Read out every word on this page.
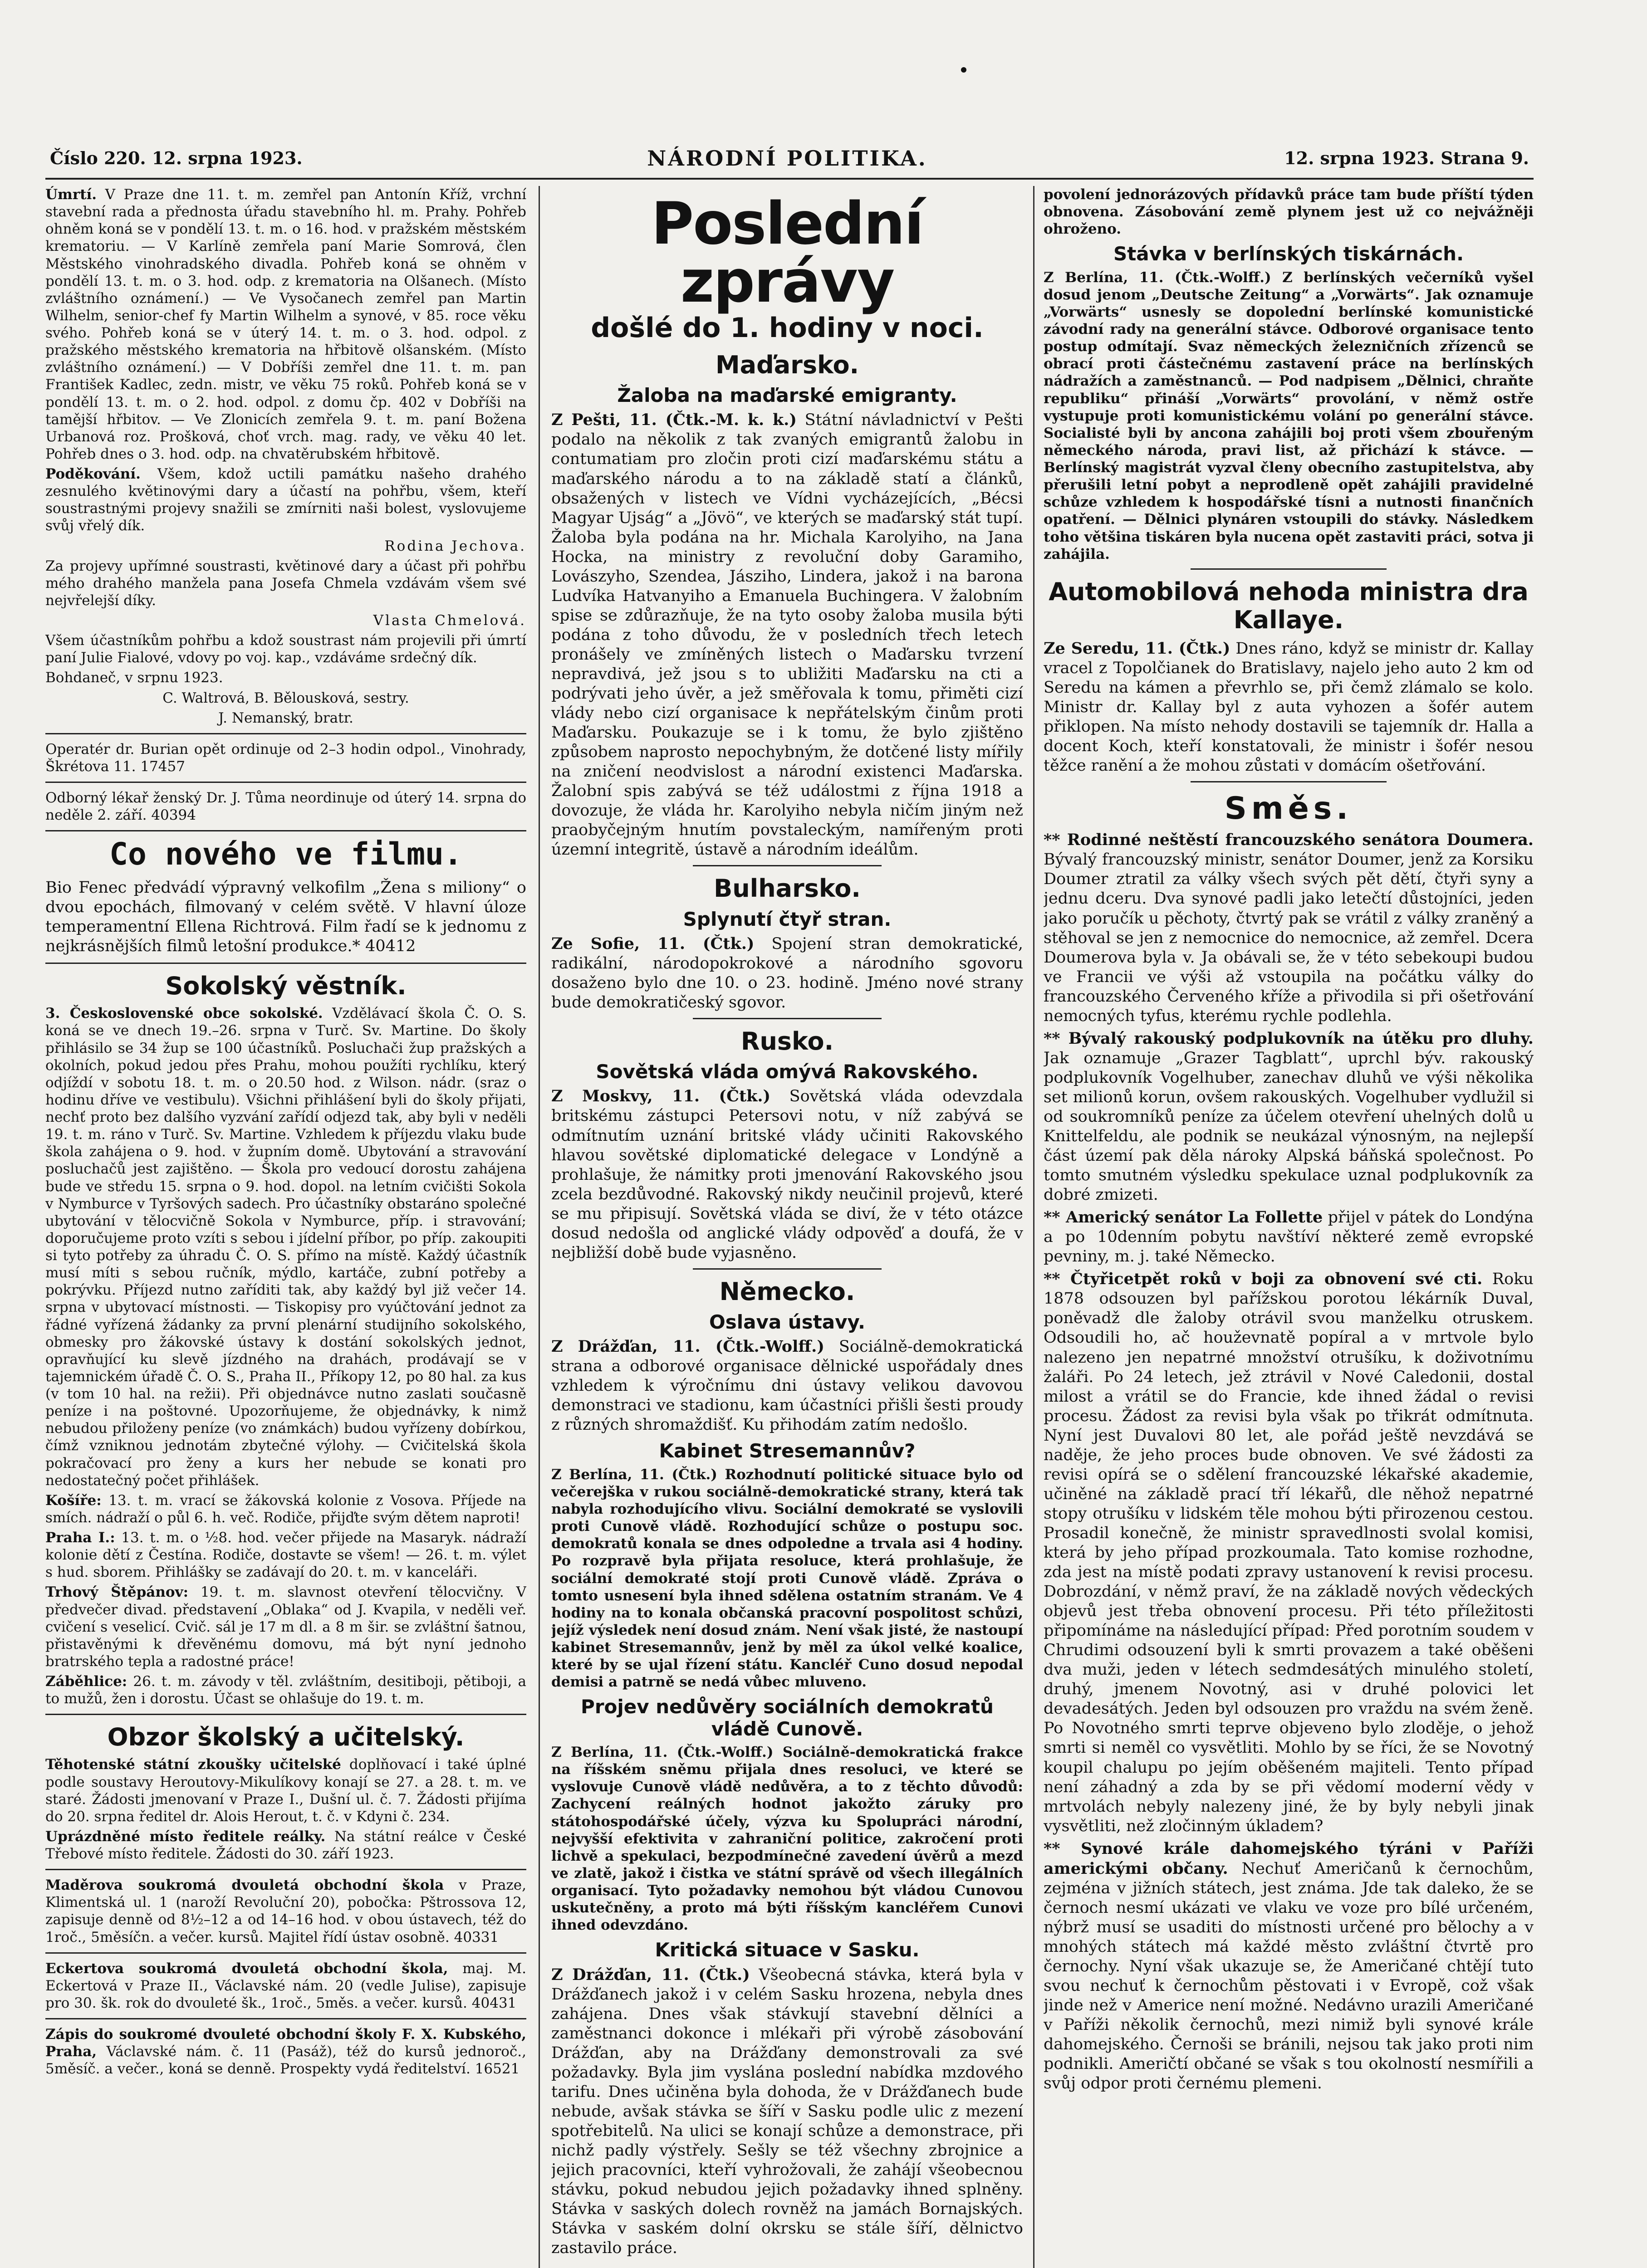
Číslo 220. 12. srpna 1923.	NÁRODNÍ POLITIKA.	12. srpna 1923. Strana 9.

Úmrtí. V Praze dne 11. t. m. zemřel pan Antonín Kříž, vrchní stavební rada a přednosta úřadu stavebního hl. m. Prahy. Pohřeb ohněm koná se v pondělí 13. t. m. o 16. hod. v pražském městském krematoriu. — V Karlíně zemřela paní Marie Somrová, člen Městského vinohradského divadla. Pohřeb koná se ohněm v pondělí 13. t. m. o 3. hod. odp. z krematoria na Olšanech. (Místo zvláštního oznámení.) — Ve Vysočanech zemřel pan Martin Wilhelm, senior-chef fy Martin Wilhelm a synové, v 85. roce věku svého. Pohřeb koná se v úterý 14. t. m. o 3. hod. odpol. z pražského městského krematoria na hřbitově olšanském. (Místo zvláštního oznámení.) — V Dobříši zemřel dne 11. t. m. pan František Kadlec, zedn. mistr, ve věku 75 roků. Pohřeb koná se v pondělí 13. t. m. o 2. hod. odpol. z domu čp. 402 v Dobříši na tamější hřbitov. — Ve Zlonicích zemřela 9. t. m. paní Božena Urbanová roz. Prošková, choť vrch. mag. rady, ve věku 40 let. Pohřeb dnes o 3. hod. odp. na chvatěrubském hřbitově.

Poděkování. Všem, kdož uctili památku našeho drahého zesnulého květinovými dary a účastí na pohřbu, všem, kteří soustrastnými projevy snažili se zmírniti naši bolest, vyslovujeme svůj vřelý dík.

Rodina Jechova.

Za projevy upřímné soustrasti, květinové dary a účast při pohřbu mého drahého manžela pana Josefa Chmela vzdávám všem své nejvřelejší díky.

Vlasta Chmelová.

Všem účastníkům pohřbu a kdož soustrast nám projevili při úmrtí paní Julie Fialové, vdovy po voj. kap., vzdáváme srdečný dík.

Bohdaneč, v srpnu 1923.

C. Waltrová, B. Bělousková, sestry.

J. Nemanský, bratr.

Operatér dr. Burian opět ordinuje od 2–3 hodin odpol., Vinohrady, Škrétova 11. 17457

Odborný lékař ženský Dr. J. Tůma neordinuje od úterý 14. srpna do neděle 2. září. 40394

Co nového ve filmu.

Bio Fenec předvádí výpravný velkofilm „Žena s miliony“ o dvou epochách, filmovaný v celém světě. V hlavní úloze temperamentní Ellena Richtrová. Film řadí se k jednomu z nejkrásnějších filmů letošní produkce.* 40412

Sokolský věstník.

3. Československé obce sokolské. Vzdělávací škola Č. O. S. koná se ve dnech 19.–26. srpna v Turč. Sv. Martine. Do školy přihlásilo se 34 žup se 100 účastníků. Posluchači žup pražských a okolních, pokud jedou přes Prahu, mohou použíti rychlíku, který odjíždí v sobotu 18. t. m. o 20.50 hod. z Wilson. nádr. (sraz o hodinu dříve ve vestibulu). Všichni přihlášení byli do školy přijati, nechť proto bez dalšího vyzvání zařídí odjezd tak, aby byli v neděli 19. t. m. ráno v Turč. Sv. Martine. Vzhledem k příjezdu vlaku bude škola zahájena o 9. hod. v župním domě. Ubytování a stravování posluchačů jest zajištěno. — Škola pro vedoucí dorostu zahájena bude ve středu 15. srpna o 9. hod. dopol. na letním cvičišti Sokola v Nymburce v Tyršových sadech. Pro účastníky obstaráno společné ubytování v tělocvičně Sokola v Nymburce, příp. i stravování; doporučujeme proto vzíti s sebou i jídelní příbor, po příp. zakoupiti si tyto potřeby za úhradu Č. O. S. přímo na místě. Každý účastník musí míti s sebou ručník, mýdlo, kartáče, zubní potřeby a pokrývku. Příjezd nutno zaříditi tak, aby každý byl již večer 14. srpna v ubytovací místnosti. — Tiskopisy pro vyúčtování jednot za řádné vyřízená žádanky za první plenární studijního sokolského, obmesky pro žákovské ústavy k dostání sokolských jednot, opravňující ku slevě jízdného na drahách, prodávají se v tajemnickém úřadě Č. O. S., Praha II., Příkopy 12, po 80 hal. za kus (v tom 10 hal. na režii). Při objednávce nutno zaslati současně peníze i na poštovné. Upozorňujeme, že objednávky, k nimž nebudou přiloženy peníze (vo známkách) budou vyřízeny dobírkou, čímž vzniknou jednotám zbytečné výlohy. — Cvičitelská škola pokračovací pro ženy a kurs her nebude se konati pro nedostatečný počet přihlášek.

Košíře: 13. t. m. vrací se žákovská kolonie z Vosova. Příjede na smích. nádraží o půl 6. h. več. Rodiče, přijďte svým dětem naproti!

Praha I.: 13. t. m. o ½8. hod. večer přijede na Masaryk. nádraží kolonie dětí z Čestína. Rodiče, dostavte se všem! — 26. t. m. výlet s hud. sborem. Přihlášky se zadávají do 20. t. m. v kanceláři.

Trhový Štěpánov: 19. t. m. slavnost otevření tělocvičny. V předvečer divad. představení „Oblaka“ od J. Kvapila, v neděli veř. cvičení s veselicí. Cvič. sál je 17 m dl. a 8 m šir. se zvláštní šatnou, přistavěnými k dřevěnému domovu, má být nyní jednoho bratrského tepla a radostné práce!

Záběhlice: 26. t. m. závody v těl. zvláštním, desitiboji, pětiboji, a to mužů, žen i dorostu. Účast se ohlašuje do 19. t. m.

Obzor školský a učitelský.

Těhotenské státní zkoušky učitelské doplňovací i také úplné podle soustavy Heroutovy-Mikulíkovy konají se 27. a 28. t. m. ve staré. Žádosti jmenovaní v Praze I., Dušní ul. č. 7. Žádosti přijíma do 20. srpna ředitel dr. Alois Herout, t. č. v Kdyni č. 234.

Uprázdněné místo ředitele reálky. Na státní reálce v České Třebové místo ředitele. Žádosti do 30. září 1923.

Maděrova soukromá dvouletá obchodní škola v Praze, Klimentská ul. 1 (naroží Revoluční 20), pobočka: Pštrossova 12, zapisuje denně od 8½–12 a od 14–16 hod. v obou ústavech, též do 1roč., 5měsíčn. a večer. kursů. Majitel řídí ústav osobně. 40331

Eckertova soukromá dvouletá obchodní škola, maj. M. Eckertová v Praze II., Václavské nám. 20 (vedle Julise), zapisuje pro 30. šk. rok do dvouleté šk., 1roč., 5měs. a večer. kursů. 40431

Zápis do soukromé dvouleté obchodní školy F. X. Kubského, Praha, Václavské nám. č. 11 (Pasáž), též do kursů jednoroč., 5měsíč. a večer., koná se denně. Prospekty vydá ředitelství. 16521

Poslední zprávy
došlé do 1. hodiny v noci.
Maďarsko.
Žaloba na maďarské emigranty.

Z Pešti, 11. (Čtk.-M. k. k.) Státní návladnictví v Pešti podalo na několik z tak zvaných emigrantů žalobu in contumatiam pro zločin proti cizí maďarskému státu a maďarského národu a to na základě statí a článků, obsažených v listech ve Vídni vycházejících, „Bécsi Magyar Ujság“ a „Jövö“, ve kterých se maďarský stát tupí. Žaloba byla podána na hr. Michala Karolyiho, na Jana Hocka, na ministry z revoluční doby Garamiho, Lovászyho, Szendea, Jásziho, Lindera, jakož i na barona Ludvíka Hatvanyiho a Emanuela Buchingera. V žalobním spise se zdůrazňuje, že na tyto osoby žaloba musila býti podána z toho důvodu, že v posledních třech letech pronášely ve zmíněných listech o Maďarsku tvrzení nepravdivá, jež jsou s to ubližiti Maďarsku na cti a podrývati jeho úvěr, a jež směřovala k tomu, přiměti cizí vlády nebo cizí organisace k nepřátelským činům proti Maďarsku. Poukazuje se i k tomu, že bylo zjištěno způsobem naprosto nepochybným, že dotčené listy mířily na zničení neodvislost a národní existenci Maďarska. Žalobní spis zabývá se též událostmi z října 1918 a dovozuje, že vláda hr. Karolyiho nebyla ničím jiným než praobyčejným hnutím povstaleckým, namířeným proti územní integritě, ústavě a národním ideálům.

Bulharsko.
Splynutí čtyř stran.

Ze Sofie, 11. (Čtk.) Spojení stran demokratické, radikální, národopokrokové a národního sgovoru dosaženo bylo dne 10. o 23. hodině. Jméno nové strany bude demokratičeský sgovor.

Rusko.
Sovětská vláda omývá Rakovského.

Z Moskvy, 11. (Čtk.) Sovětská vláda odevzdala britskému zástupci Petersovi notu, v níž zabývá se odmítnutím uznání britské vlády učiniti Rakovského hlavou sovětské diplomatické delegace v Londýně a prohlašuje, že námitky proti jmenování Rakovského jsou zcela bezdůvodné. Rakovský nikdy neučinil projevů, které se mu připisují. Sovětská vláda se diví, že v této otázce dosud nedošla od anglické vlády odpověď a doufá, že v nejbližší době bude vyjasněno.

Německo.
Oslava ústavy.

Z Drážďan, 11. (Čtk.-Wolff.) Sociálně-demokratická strana a odborové organisace dělnické uspořádaly dnes vzhledem k výročnímu dni ústavy velikou davovou demonstraci ve stadionu, kam účastníci přišli šesti proudy z různých shromaždišť. Ku přihodám zatím nedošlo.

Kabinet Stresemannův?

Z Berlína, 11. (Čtk.) Rozhodnutí politické situace bylo od večerejška v rukou sociálně-demokratické strany, která tak nabyla rozhodujícího vlivu. Sociální demokraté se vyslovili proti Cunově vládě. Rozhodující schůze o postupu soc. demokratů konala se dnes odpoledne a trvala asi 4 hodiny. Po rozpravě byla přijata resoluce, která prohlašuje, že sociální demokraté stojí proti Cunově vládě. Zpráva o tomto usnesení byla ihned sdělena ostatním stranám. Ve 4 hodiny na to konala občanská pracovní pospolitost schůzi, jejíž výsledek není dosud znám. Není však jisté, že nastoupí kabinet Stresemannův, jenž by měl za úkol velké koalice, které by se ujal řízení státu. Kancléř Cuno dosud nepodal demisi a patrně se nedá vůbec mluveno.

Projev nedůvěry sociálních demokratů vládě Cunově.

Z Berlína, 11. (Čtk.-Wolff.) Sociálně-demokratická frakce na říšském sněmu přijala dnes resoluci, ve které se vyslovuje Cunově vládě nedůvěra, a to z těchto důvodů: Zachycení reálných hodnot jakožto záruky pro státohospodářské účely, výzva ku Spolupráci národní, nejvyšší efektivita v zahraniční politice, zakročení proti lichvě a spekulaci, bezpodmínečné zavedení úvěrů a mezd ve zlatě, jakož i čistka ve státní správě od všech illegálních organisací. Tyto požadavky nemohou být vládou Cunovou uskutečněny, a proto má býti říšským kancléřem Cunovi ihned odevzdáno.

Kritická situace v Sasku.

Z Drážďan, 11. (Čtk.) Všeobecná stávka, která byla v Drážďanech jakož i v celém Sasku hrozena, nebyla dnes zahájena. Dnes však stávkují stavební dělníci a zaměstnanci dokonce i mlékaři při výrobě zásobování Drážďan, aby na Drážďany demonstrovali za své požadavky. Byla jim vyslána poslední nabídka mzdového tarifu. Dnes učiněna byla dohoda, že v Drážďanech bude nebude, avšak stávka se šíří v Sasku podle ulic z mezení spotřebitelů. Na ulici se konají schůze a demonstrace, při nichž padly výstřely. Sešly se též všechny zbrojnice a jejich pracovníci, kteří vyhrožovali, že zahájí všeobecnou stávku, pokud nebudou jejich požadavky ihned splněny. Stávka v saských dolech rovněž na jamách Bornajských. Stávka v saském dolní okrsku se stále šíří, dělnictvo zastavilo práce.

povolení jednorázových přídavků práce tam bude příští týden obnovena. Zásobování země plynem jest už co nejvážněji ohroženo.

Stávka v berlínských tiskárnách.

Z Berlína, 11. (Čtk.-Wolff.) Z berlínských večerníků vyšel dosud jenom „Deutsche Zeitung“ a „Vorwärts“. Jak oznamuje „Vorwärts“ usnesly se dopolední berlínské komunistické závodní rady na generální stávce. Odborové organisace tento postup odmítají. Svaz německých železničních zřízenců se obrací proti částečnému zastavení práce na berlínských nádražích a zaměstnanců. — Pod nadpisem „Dělnici, chraňte republiku“ přináší „Vorwärts“ provolání, v němž ostře vystupuje proti komunistickému volání po generální stávce. Socialisté byli by ancona zahájili boj proti všem zbouřeným německého národa, pravi list, až přichází k stávce. — Berlínský magistrát vyzval členy obecního zastupitelstva, aby přerušili letní pobyt a neprodleně opět zahájili pravidelné schůze vzhledem k hospodářské tísni a nutnosti finančních opatření. — Dělnici plynáren vstoupili do stávky. Následkem toho většina tiskáren byla nucena opět zastaviti práci, sotva ji zahájila.

Automobilová nehoda ministra dra Kallaye.

Ze Seredu, 11. (Čtk.) Dnes ráno, když se ministr dr. Kallay vracel z Topolčianek do Bratislavy, najelo jeho auto 2 km od Seredu na kámen a převrhlo se, při čemž zlámalo se kolo. Ministr dr. Kallay byl z auta vyhozen a šofér autem přiklopen. Na místo nehody dostavili se tajemník dr. Halla a docent Koch, kteří konstatovali, že ministr i šofér nesou těžce ranění a že mohou zůstati v domácím ošetřování.

Směs.

** Rodinné neštěstí francouzského senátora Doumera. Bývalý francouzský ministr, senátor Doumer, jenž za Korsiku Doumer ztratil za války všech svých pět dětí, čtyři syny a jednu dceru. Dva synové padli jako letečtí důstojníci, jeden jako poručík u pěchoty, čtvrtý pak se vrátil z války zraněný a stěhoval se jen z nemocnice do nemocnice, až zemřel. Dcera Doumerova byla v. Ja obávali se, že v této sebekoupi budou ve Francii ve výši až vstoupila na počátku války do francouzského Červeného kříže a přivodila si při ošetřování nemocných tyfus, kterému rychle podlehla.

** Bývalý rakouský podplukovník na útěku pro dluhy. Jak oznamuje „Grazer Tagblatt“, uprchl býv. rakouský podplukovník Vogelhuber, zanechav dluhů ve výši několika set milionů korun, ovšem rakouských. Vogelhuber vydlužil si od soukromníků peníze za účelem otevření uhelných dolů u Knittelfeldu, ale podnik se neukázal výnosným, na nejlepší část území pak děla nároky Alpská báňská společnost. Po tomto smutném výsledku spekulace uznal podplukovník za dobré zmizeti.

** Americký senátor La Follette přijel v pátek do Londýna a po 10denním pobytu navštíví některé země evropské pevniny, m. j. také Německo.

** Čtyřicetpět roků v boji za obnovení své cti. Roku 1878 odsouzen byl pařížskou porotou lékárník Duval, poněvadž dle žaloby otrávil svou manželku otruskem. Odsoudili ho, ač houževnatě popíral a v mrtvole bylo nalezeno jen nepatrné množství otrušíku, k doživotnímu žaláři. Po 24 letech, jež ztrávil v Nové Caledonii, dostal milost a vrátil se do Francie, kde ihned žádal o revisi procesu. Žádost za revisi byla však po třikrát odmítnuta. Nyní jest Duvalovi 80 let, ale pořád ještě nevzdává se naděje, že jeho proces bude obnoven. Ve své žádosti za revisi opírá se o sdělení francouzské lékařské akademie, učiněné na základě prací tří lékařů, dle něhož nepatrné stopy otrušíku v lidském těle mohou býti přirozenou cestou. Prosadil konečně, že ministr spravedlnosti svolal komisi, která by jeho případ prozkoumala. Tato komise rozhodne, zda jest na místě podati zpravy ustanovení k revisi procesu. Dobrozdání, v němž praví, že na základě nových vědeckých objevů jest třeba obnovení procesu. Při této příležitosti připomínáme na následující případ: Před porotním soudem v Chrudimi odsouzení byli k smrti provazem a také oběšeni dva muži, jeden v létech sedmdesátých minulého století, druhý, jmenem Novotný, asi v druhé polovici let devadesátých. Jeden byl odsouzen pro vraždu na svém ženě. Po Novotného smrti teprve objeveno bylo zloděje, o jehož smrti si neměl co vysvětliti. Mohlo by se říci, že se Novotný koupil chalupu po jejím oběšeném majiteli. Tento případ není záhadný a zda by se při vědomí moderní vědy v mrtvolách nebyly nalezeny jiné, že by byly nebyli jinak vysvětliti, než zločinným úkladem?

** Synové krále dahomejského týráni v Paříži americkými občany. Nechuť Američanů k černochům, zejména v jižních státech, jest známa. Jde tak daleko, že se černoch nesmí ukázati ve vlaku ve voze pro bílé určeném, nýbrž musí se usaditi do místnosti určené pro bělochy a v mnohých státech má každé město zvláštní čtvrtě pro černochy. Nyní však ukazuje se, že Američané chtějí tuto svou nechuť k černochům pěstovati i v Evropě, což však jinde než v Americe není možné. Nedávno urazili Američané v Paříži několik černochů, mezi nimiž byli synové krále dahomejského. Černoši se bránili, nejsou tak jako proti nim podnikli. Američtí občané se však s tou okolností nesmířili a svůj odpor proti černému plemeni.
